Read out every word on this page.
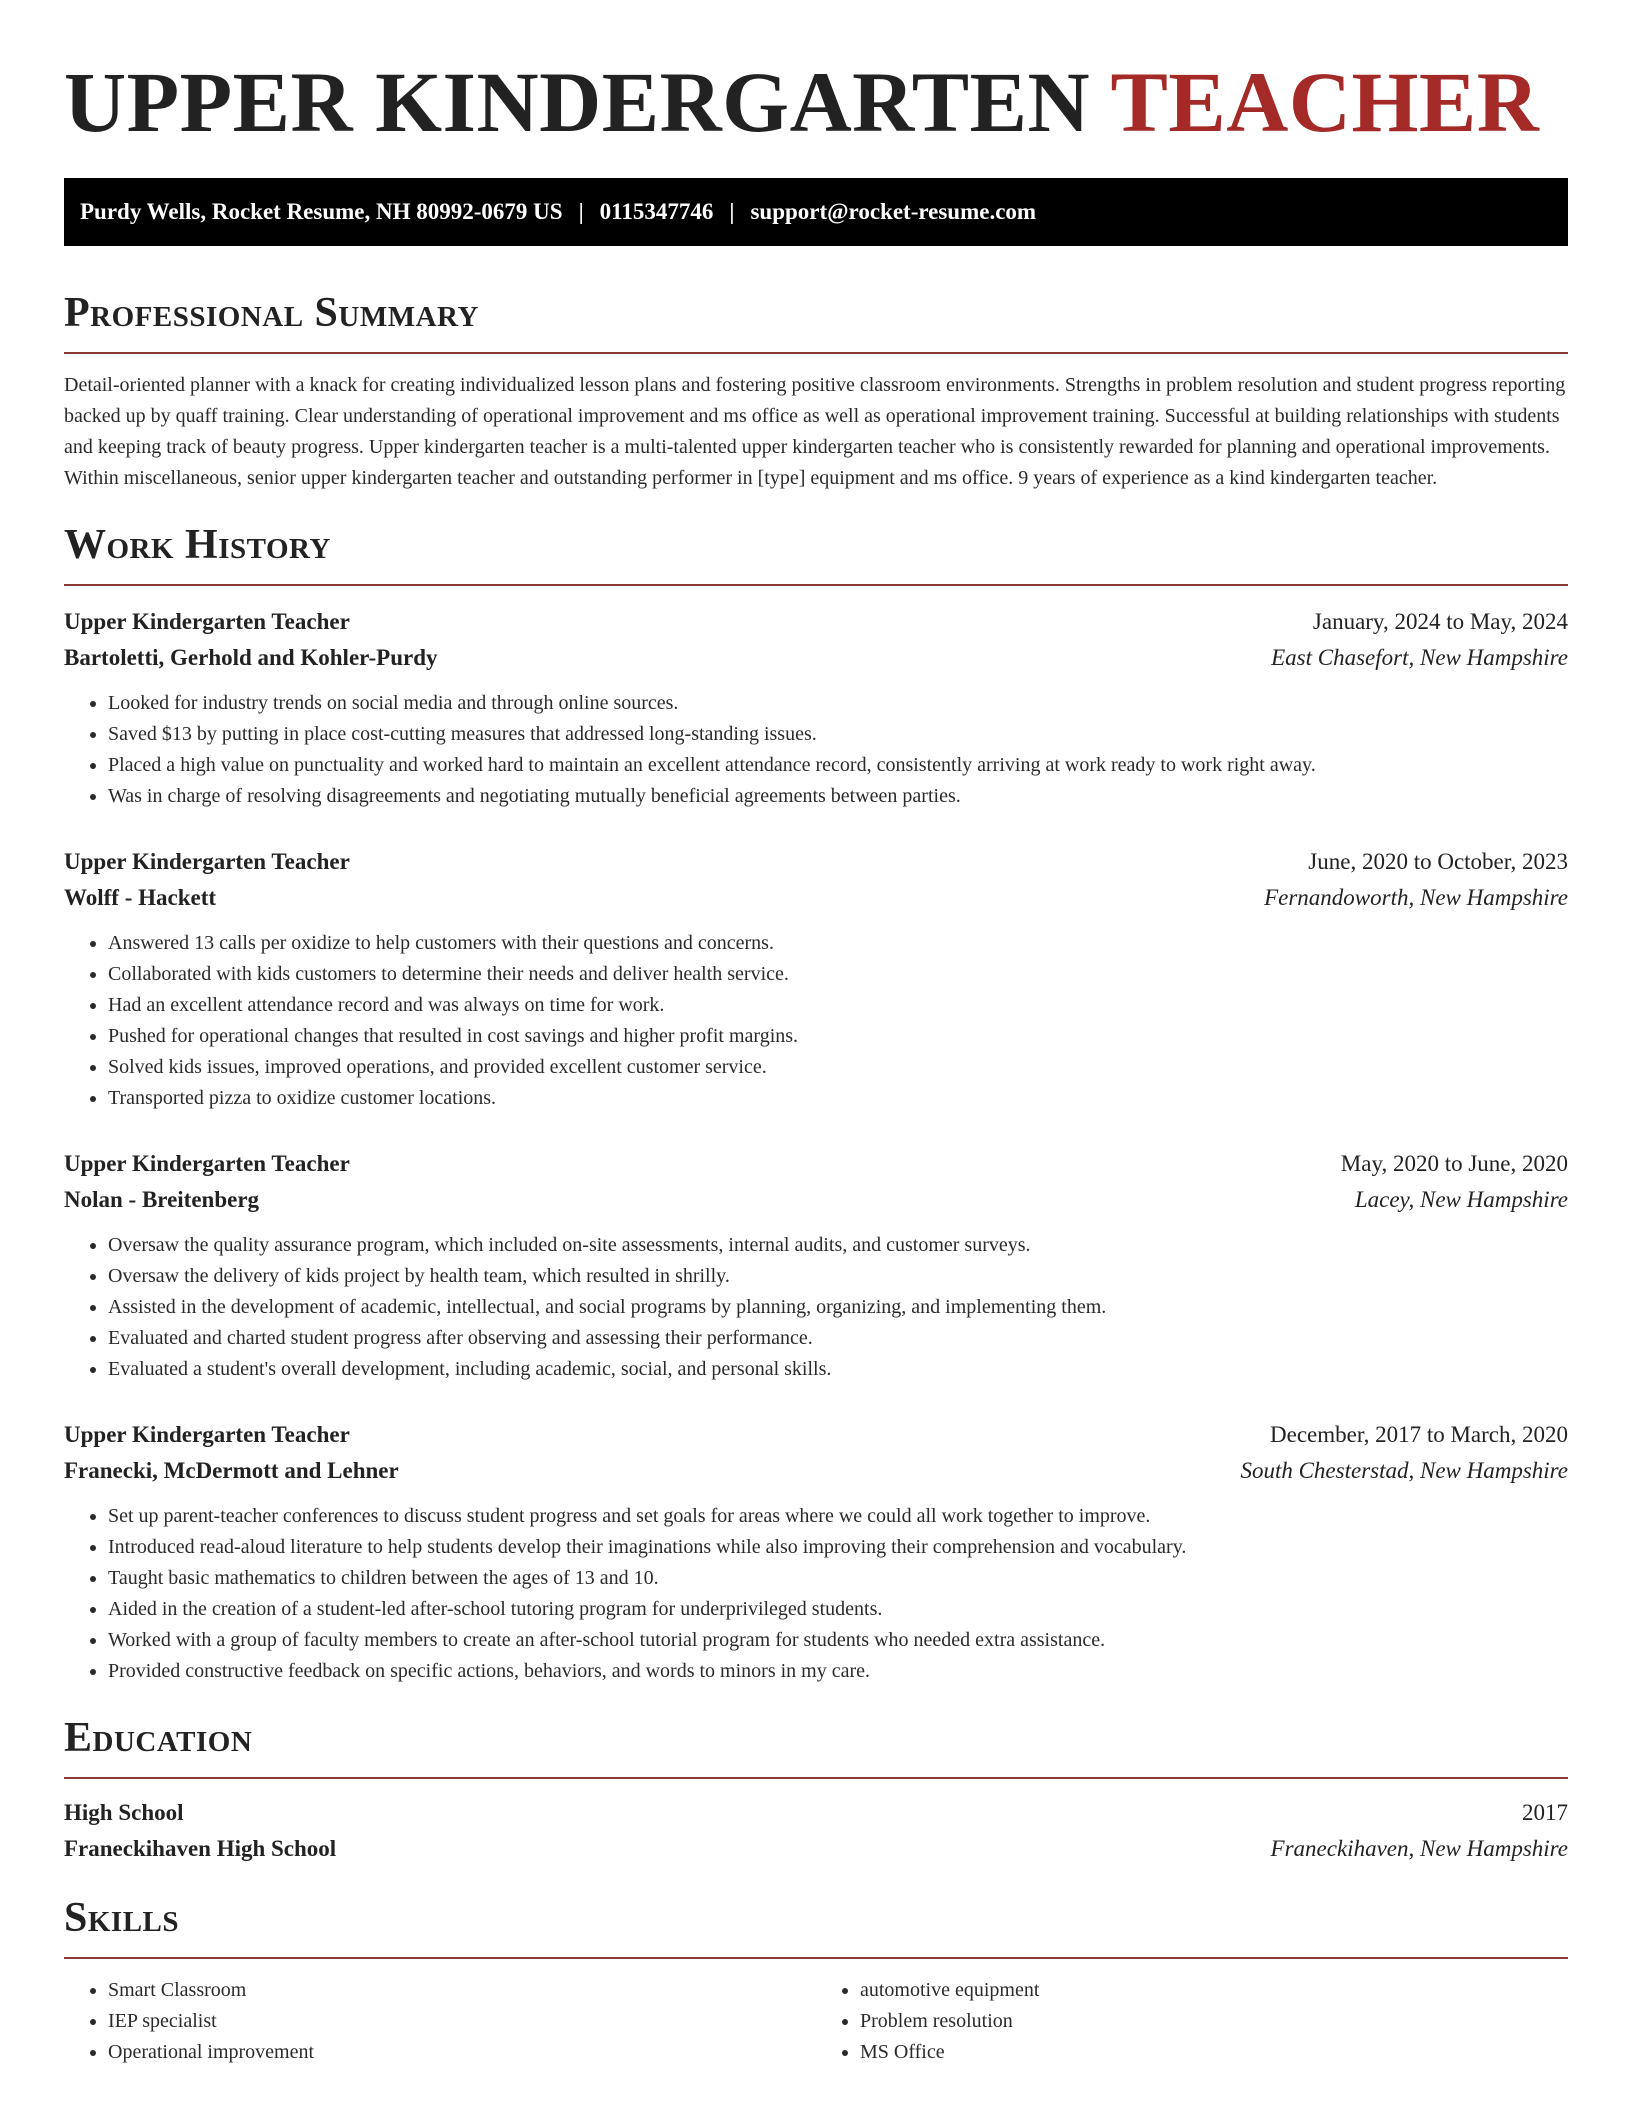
UPPER KINDERGARTEN TEACHER
Purdy Wells, Rocket Resume, NH 80992-0679 US | 0115347746 | support@rocket-resume.com
Professional Summary

Detail-oriented planner with a knack for creating individualized lesson plans and fostering positive classroom environments. Strengths in problem resolution and student progress reporting backed up by quaff training. Clear understanding of operational improvement and ms office as well as operational improvement training. Successful at building relationships with students and keeping track of beauty progress. Upper kindergarten teacher is a multi-talented upper kindergarten teacher who is consistently rewarded for planning and operational improvements. Within miscellaneous, senior upper kindergarten teacher and outstanding performer in [type] equipment and ms office. 9 years of experience as a kind kindergarten teacher.

Work History
Upper Kindergarten Teacher	January, 2024 to May, 2024
Bartoletti, Gerhold and Kohler-Purdy	East Chasefort, New Hampshire
• Looked for industry trends on social media and through online sources.
• Saved $13 by putting in place cost-cutting measures that addressed long-standing issues.
• Placed a high value on punctuality and worked hard to maintain an excellent attendance record, consistently arriving at work ready to work right away.
• Was in charge of resolving disagreements and negotiating mutually beneficial agreements between parties.
Upper Kindergarten Teacher	June, 2020 to October, 2023
Wolff - Hackett	Fernandoworth, New Hampshire
• Answered 13 calls per oxidize to help customers with their questions and concerns.
• Collaborated with kids customers to determine their needs and deliver health service.
• Had an excellent attendance record and was always on time for work.
• Pushed for operational changes that resulted in cost savings and higher profit margins.
• Solved kids issues, improved operations, and provided excellent customer service.
• Transported pizza to oxidize customer locations.
Upper Kindergarten Teacher	May, 2020 to June, 2020
Nolan - Breitenberg	Lacey, New Hampshire
• Oversaw the quality assurance program, which included on-site assessments, internal audits, and customer surveys.
• Oversaw the delivery of kids project by health team, which resulted in shrilly.
• Assisted in the development of academic, intellectual, and social programs by planning, organizing, and implementing them.
• Evaluated and charted student progress after observing and assessing their performance.
• Evaluated a student's overall development, including academic, social, and personal skills.
Upper Kindergarten Teacher	December, 2017 to March, 2020
Franecki, McDermott and Lehner	South Chesterstad, New Hampshire
• Set up parent-teacher conferences to discuss student progress and set goals for areas where we could all work together to improve.
• Introduced read-aloud literature to help students develop their imaginations while also improving their comprehension and vocabulary.
• Taught basic mathematics to children between the ages of 13 and 10.
• Aided in the creation of a student-led after-school tutoring program for underprivileged students.
• Worked with a group of faculty members to create an after-school tutorial program for students who needed extra assistance.
• Provided constructive feedback on specific actions, behaviors, and words to minors in my care.
Education
High School	2017
Franeckihaven High School	Franeckihaven, New Hampshire
Skills
• Smart Classroom
• IEP specialist
• Operational improvement
• automotive equipment
• Problem resolution
• MS Office
